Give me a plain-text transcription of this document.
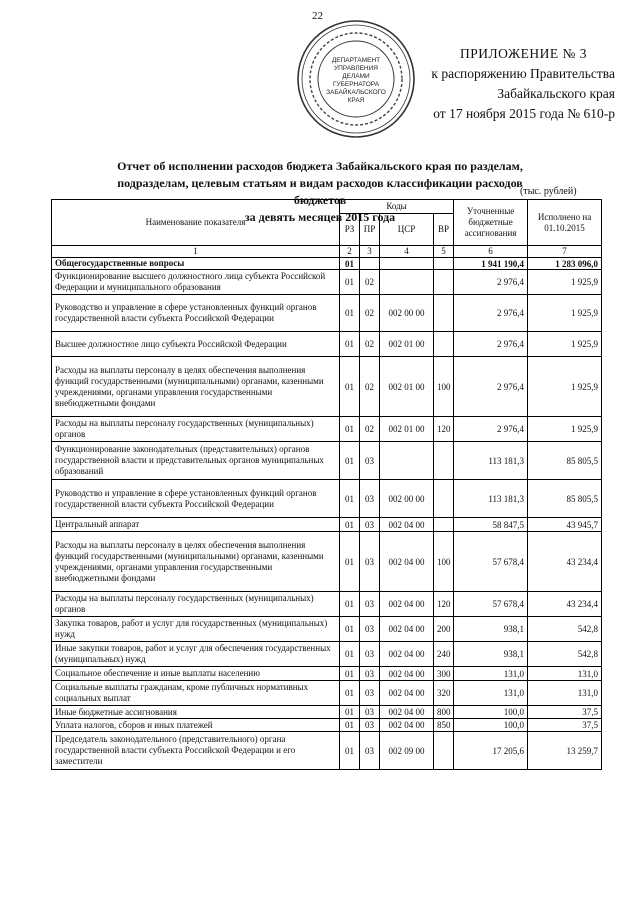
22
ДЕПАРТАМЕНТ
УПРАВЛЕНИЯ
ДЕЛАМИ
ГУБЕРНАТОРА
ЗАБАЙКАЛЬСКОГО
КРАЯ
ПРИЛОЖЕНИЕ № 3
к распоряжению Правительства
Забайкальского края
от 17 ноября 2015 года № 610-р
Отчет об исполнении расходов бюджета Забайкальского края по разделам,
подразделам, целевым статьям и видам расходов классификации расходов бюджетов
за девять месяцев 2015 года
(тыс. рублей)
Наименование показателя	Коды				Уточненные бюджетные ассигнования	Исполнено на 01.10.2015
	РЗ	ПР	ЦСР	ВР		
1	2	3	4	5	6	7
Общегосударственные вопросы	01				1 941 190,4	1 283 096,0
Функционирование высшего должностного лица субъекта Российской Федерации и муниципального образования	01	02			2 976,4	1 925,9
Руководство и управление в сфере установленных функций органов государственной власти субъекта Российской Федерации	01	02	002 00 00		2 976,4	1 925,9
Высшее должностное лицо субъекта Российской Федерации	01	02	002 01 00		2 976,4	1 925,9
Расходы на выплаты персоналу в целях обеспечения выполнения функций государственными (муниципальными) органами, казенными учреждениями, органами управления государственными внебюджетными фондами	01	02	002 01 00	100	2 976,4	1 925,9
Расходы на выплаты персоналу государственных (муниципальных) органов	01	02	002 01 00	120	2 976,4	1 925,9
Функционирование законодательных (представительных) органов государственной власти и представительных органов муниципальных образований	01	03			113 181,3	85 805,5
Руководство и управление в сфере установленных функций органов государственной власти субъекта Российской Федерации	01	03	002 00 00		113 181,3	85 805,5
Центральный аппарат	01	03	002 04 00		58 847,5	43 945,7
Расходы на выплаты персоналу в целях обеспечения выполнения функций государственными (муниципальными) органами, казенными учреждениями, органами управления государственными внебюджетными фондами	01	03	002 04 00	100	57 678,4	43 234,4
Расходы на выплаты персоналу государственных (муниципальных) органов	01	03	002 04 00	120	57 678,4	43 234,4
Закупка товаров, работ и услуг для государственных (муниципальных) нужд	01	03	002 04 00	200	938,1	542,8
Иные закупки товаров, работ и услуг для обеспечения государственных (муниципальных) нужд	01	03	002 04 00	240	938,1	542,8
Социальное обеспечение и иные выплаты населению	01	03	002 04 00	300	131,0	131,0
Социальные выплаты гражданам, кроме публичных нормативных социальных выплат	01	03	002 04 00	320	131,0	131,0
Иные бюджетные ассигнования	01	03	002 04 00	800	100,0	37,5
Уплата налогов, сборов и иных платежей	01	03	002 04 00	850	100,0	37,5
Председатель законодательного (представительного) органа государственной власти субъекта Российской Федерации и его заместители	01	03	002 09 00		17 205,6	13 259,7
